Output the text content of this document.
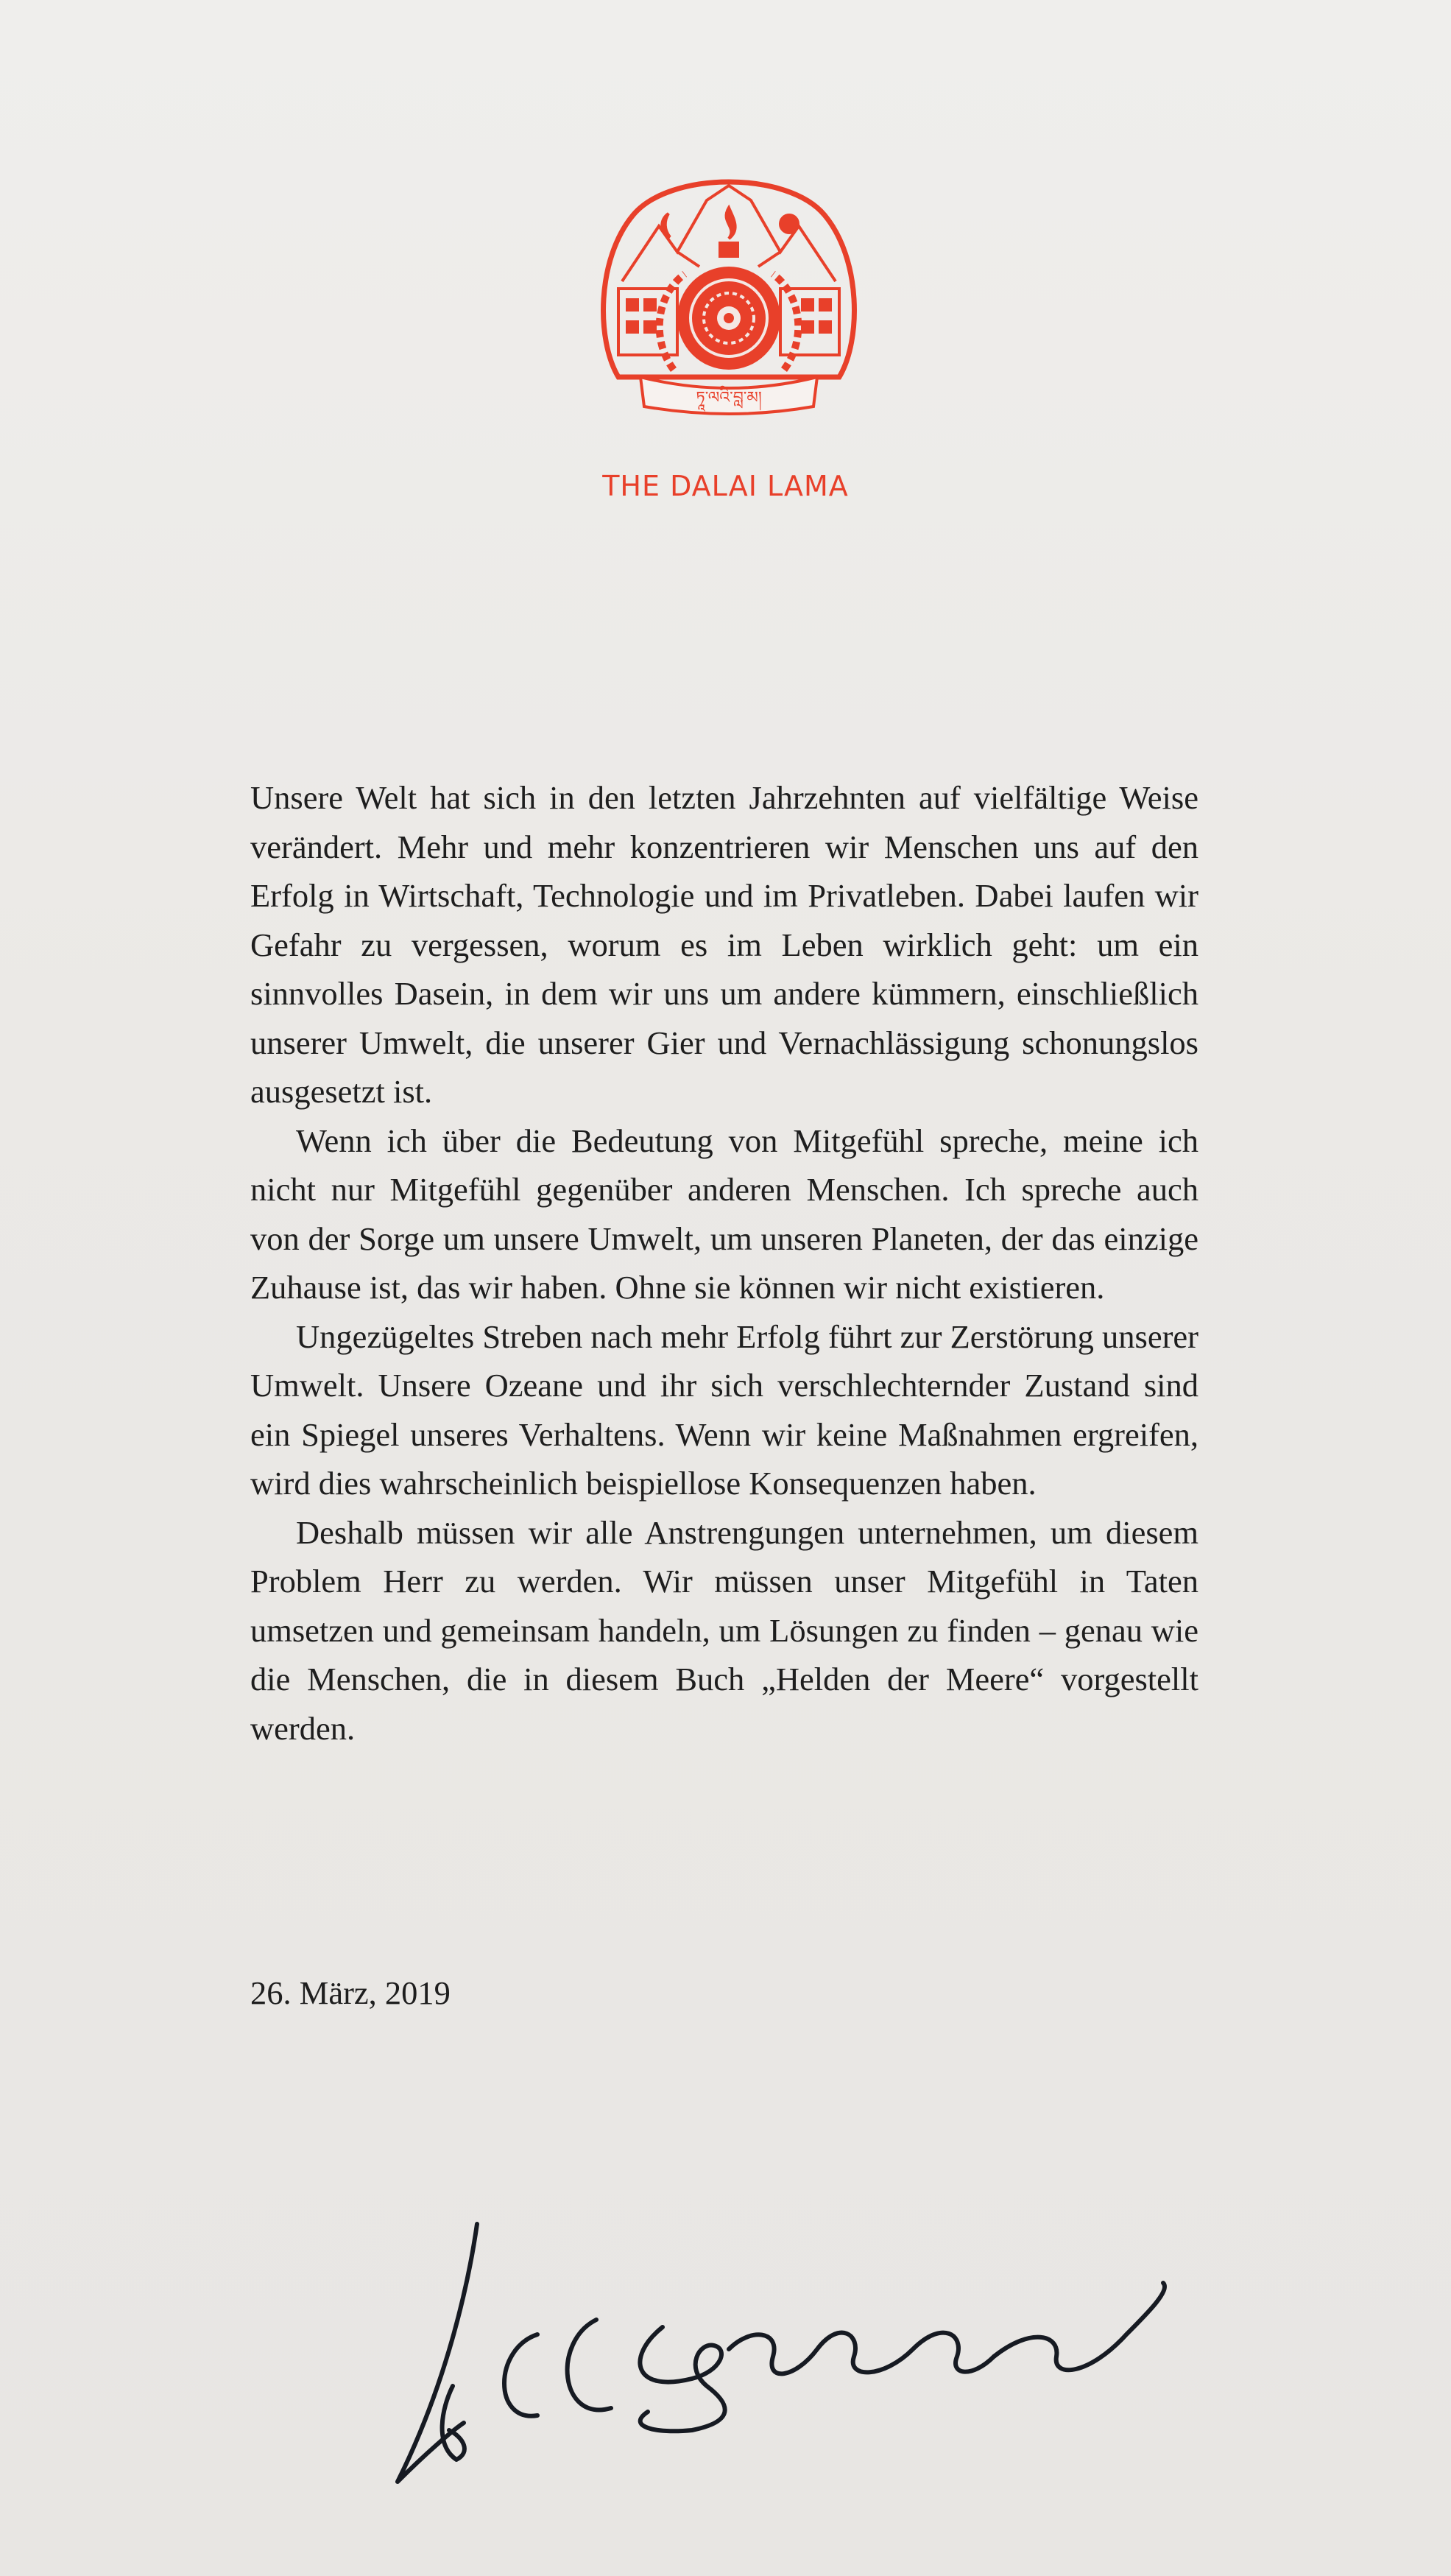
ཏཱ་ལའི་བླ་མ།
THE DALAI LAMA

Unsere Welt hat sich in den letzten Jahrzehnten auf vielfältige Weise verändert. Mehr und mehr konzentrieren wir Menschen uns auf den Erfolg in Wirtschaft, Technologie und im Privatleben. Dabei laufen wir Gefahr zu vergessen, worum es im Leben wirklich geht: um ein sinnvolles Dasein, in dem wir uns um andere kümmern, einschließlich unserer Umwelt, die unserer Gier und Vernachlässigung schonungslos ausgesetzt ist.

Wenn ich über die Bedeutung von Mitgefühl spreche, meine ich nicht nur Mitgefühl gegenüber anderen Menschen. Ich spreche auch von der Sorge um unsere Umwelt, um unseren Planeten, der das einzige Zuhause ist, das wir haben. Ohne sie können wir nicht existieren.

Ungezügeltes Streben nach mehr Erfolg führt zur Zerstörung unserer Umwelt. Unsere Ozeane und ihr sich verschlechternder Zustand sind ein Spiegel unseres Verhaltens. Wenn wir keine Maßnahmen ergreifen, wird dies wahrscheinlich beispiellose Konsequenzen haben.

Deshalb müssen wir alle Anstrengungen unternehmen, um diesem Problem Herr zu werden. Wir müssen unser Mitgefühl in Taten umsetzen und gemeinsam handeln, um Lösungen zu finden – genau wie die Menschen, die in diesem Buch „Helden der Meere“ vorgestellt werden.

26. März, 2019
